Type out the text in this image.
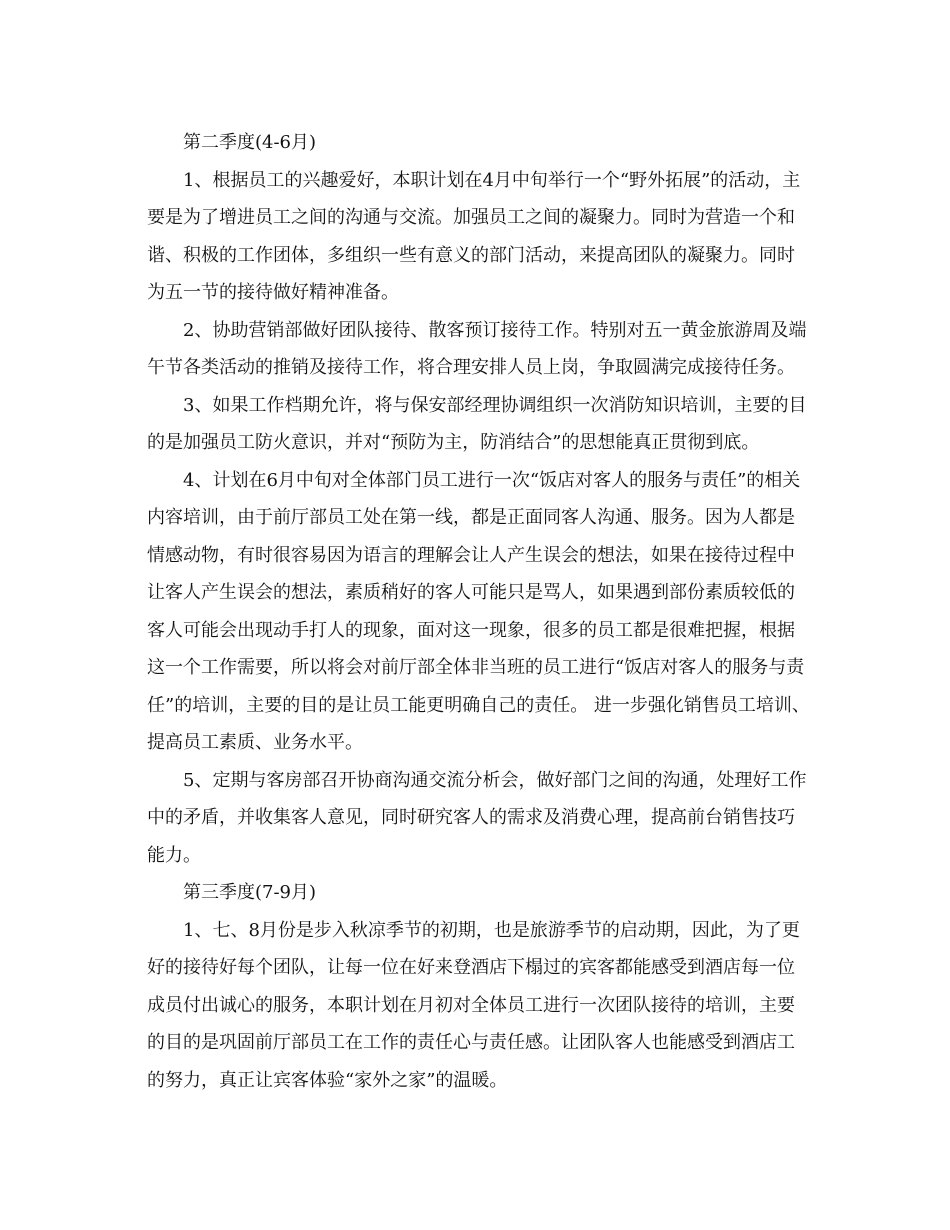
第二季度(4-6月)

1、根据员工的兴趣爱好，本职计划在4月中旬举行一个“野外拓展”的活动，主要是为了增进员工之间的沟通与交流。加强员工之间的凝聚力。同时为营造一个和谐、积极的工作团体，多组织一些有意义的部门活动，来提高团队的凝聚力。同时为五一节的接待做好精神准备。

2、协助营销部做好团队接待、散客预订接待工作。特别对五一黄金旅游周及端午节各类活动的推销及接待工作，将合理安排人员上岗，争取圆满完成接待任务。

3、如果工作档期允许，将与保安部经理协调组织一次消防知识培训，主要的目的是加强员工防火意识，并对“预防为主，防消结合”的思想能真正贯彻到底。

4、计划在6月中旬对全体部门员工进行一次“饭店对客人的服务与责任”的相关内容培训，由于前厅部员工处在第一线，都是正面同客人沟通、服务。因为人都是情感动物，有时很容易因为语言的理解会让人产生误会的想法，如果在接待过程中让客人产生误会的想法，素质稍好的客人可能只是骂人，如果遇到部份素质较低的客人可能会出现动手打人的现象，面对这一现象，很多的员工都是很难把握，根据这一个工作需要，所以将会对前厅部全体非当班的员工进行“饭店对客人的服务与责任”的培训，主要的目的是让员工能更明确自己的责任。 进一步强化销售员工培训、提高员工素质、业务水平。

5、定期与客房部召开协商沟通交流分析会，做好部门之间的沟通，处理好工作中的矛盾，并收集客人意见，同时研究客人的需求及消费心理，提高前台销售技巧能力。

第三季度(7-9月)

1、七、8月份是步入秋凉季节的初期，也是旅游季节的启动期，因此，为了更好的接待好每个团队，让每一位在好来登酒店下榻过的宾客都能感受到酒店每一位成员付出诚心的服务，本职计划在月初对全体员工进行一次团队接待的培训，主要的目的是巩固前厅部员工在工作的责任心与责任感。让团队客人也能感受到酒店工的努力，真正让宾客体验“家外之家”的温暖。
